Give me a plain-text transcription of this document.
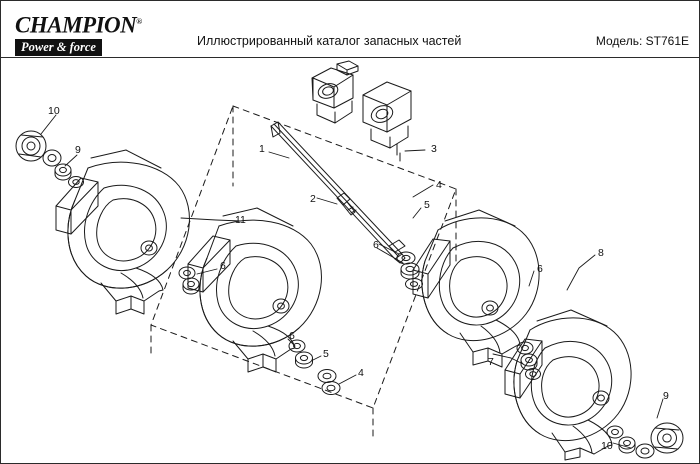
CHAMPION®
Power & force	Иллюстрированный каталог запасных частей	Модель: ST761E
10
9	1	3
2
4
5
6
11
6
8
6
7
6
5
4
9
10
